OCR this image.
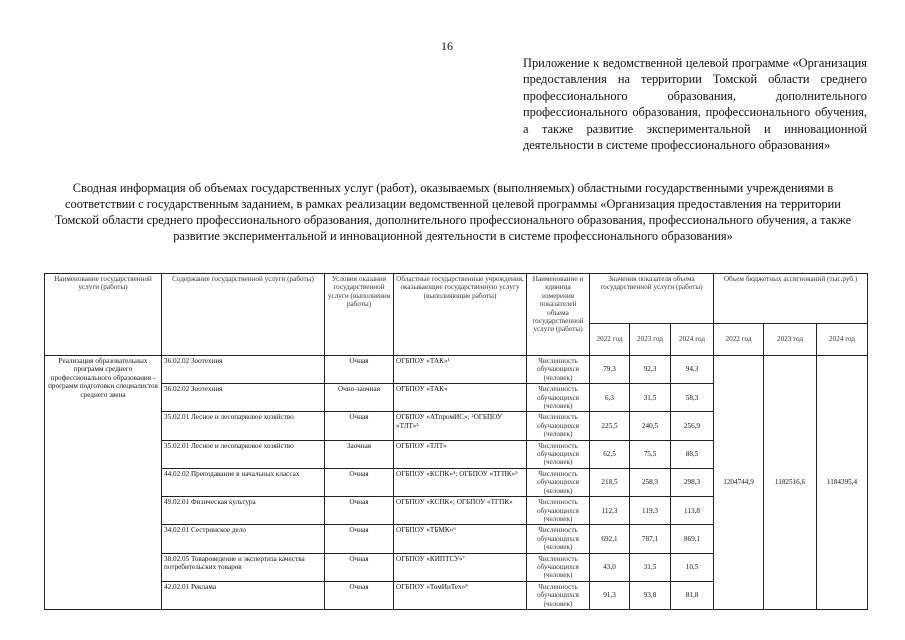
16
Приложение к ведомственной целевой программе «Организация предоставления на территории Томской области среднего профессионального образования, дополнительного профессионального образования, профессионального обучения, а также развитие экспериментальной и инновационной деятельности в системе профессионального образования»
Сводная информация об объемах государственных услуг (работ), оказываемых (выполняемых) областными государственными учреждениями в соответствии с государственным заданием, в рамках реализации ведомственной целевой программы «Организация предоставления на территории Томской области среднего профессионального образования, дополнительного профессионального образования, профессионального обучения, а также развитие экспериментальной и инновационной деятельности в системе профессионального образования»
Наименование государственной услуги (работы)	Содержание государственной услуги (работы)	Условия оказания государственной услуги (выполнения работы)	Областные государственные учреждения, оказывающие государственную услугу (выполняющие работы)	Наименование и единица измерения показателей объема государственной услуги (работы)	Значения показателя объема государственной услуги (работы)			Объем бюджетных ассигнований (тыс.руб.)		
					2022 год	2023 год	2024 год	2022 год	2023 год	2024 год
Реализация образовательных программ среднего профессионального образования - программ подготовки специалистов среднего звена	36.02.02 Зоотехния	Очная	ОГБПОУ «ТАК»¹	Численность обучающихся (человек)	79,3	92,3	94,3	1204744,9	1182516,6	1184395,4
	36.02.02 Зоотехния	Очно-заочная	ОГБПОУ «ТАК»	Численность обучающихся (человек)	6,3	31,5	58,3			
	35.02.01 Лесное и лесопарковое хозяйство	Очная	ОГБПОУ «АТпромИС»; ²ОГБПОУ «ТЛТ»³	Численность обучающихся (человек)	225,5	240,5	256,9			
	35.02.01 Лесное и лесопарковое хозяйство	Заочная	ОГБПОУ «ТЛТ»	Численность обучающихся (человек)	62,5	75,5	88,5			
	44.02.02 Преподавание в начальных классах	Очная	ОГБПОУ «КСПК»⁴; ОГБПОУ «ТГПК»⁵	Численность обучающихся (человек)	218,5	258,3	298,3			
	49.02.01 Физическая культура	Очная	ОГБПОУ «КСПК»; ОГБПОУ «ТГПК»	Численность обучающихся (человек)	112,3	119,3	113,8			
	34.02.01 Сестринское дело	Очная	ОГБПОУ «ТБМК»⁶	Численность обучающихся (человек)	692,1	787,1	869,1			
	38.02.05 Товароведение и экспертиза качества потребительских товаров	Очная	ОГБПОУ «КИПТСУ»⁷	Численность обучающихся (человек)	43,0	31,5	10,5			
	42.02.01 Реклама	Очная	ОГБПОУ «ТомИнТех»⁸	Численность обучающихся (человек)	91,3	93,8	81,8			
